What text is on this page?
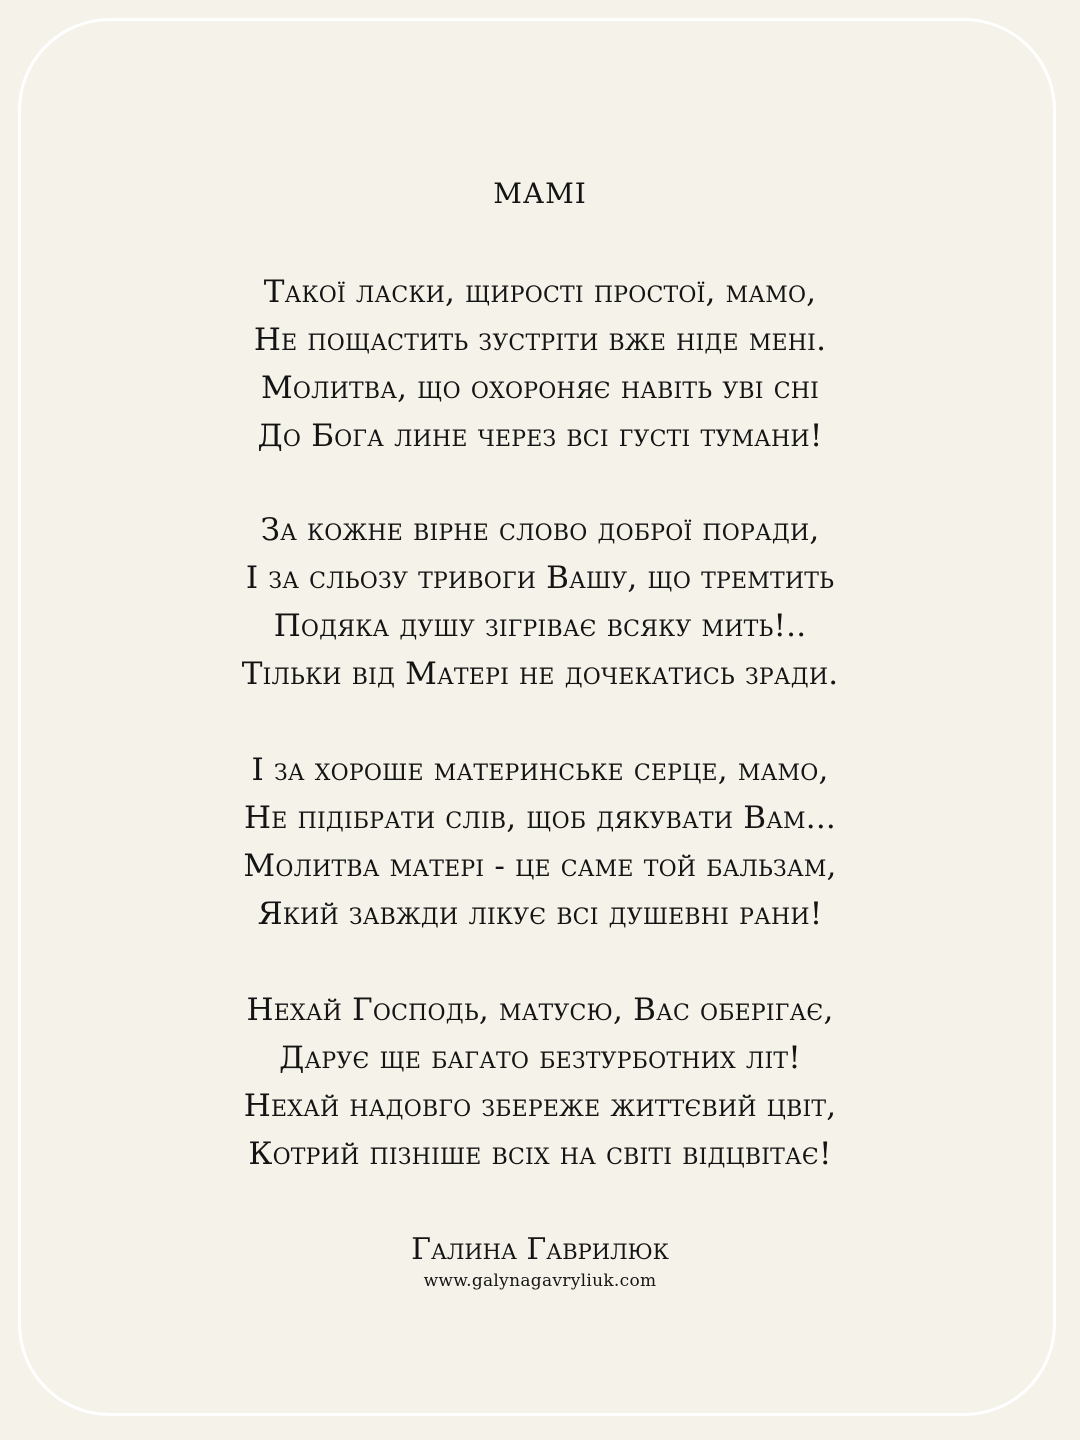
МАМІ
Такої ласки, щирості простої, мамо,
Не пощастить зустріти вже ніде мені.
Молитва, що охороняє навіть уві сні
До Бога лине через всі густі тумани!
За кожне вірне слово доброї поради,
І за сльозу тривоги Вашу, що тремтить
Подяка душу зігріває всяку мить!..
Тільки від Матері не дочекатись зради.
І за хороше материнське серце, мамо,
Не підібрати слів, щоб дякувати Вам...
Молитва матері - це саме той бальзам,
Який завжди лікує всі душевні рани!
Нехай Господь, матусю, Вас оберігає,
Дарує ще багато безтурботних літ!
Нехай надовго збереже життєвий цвіт,
Котрий пізніше всіх на світі відцвітає!
Галина Гаврилюк
www.galynagavryliuk.com
